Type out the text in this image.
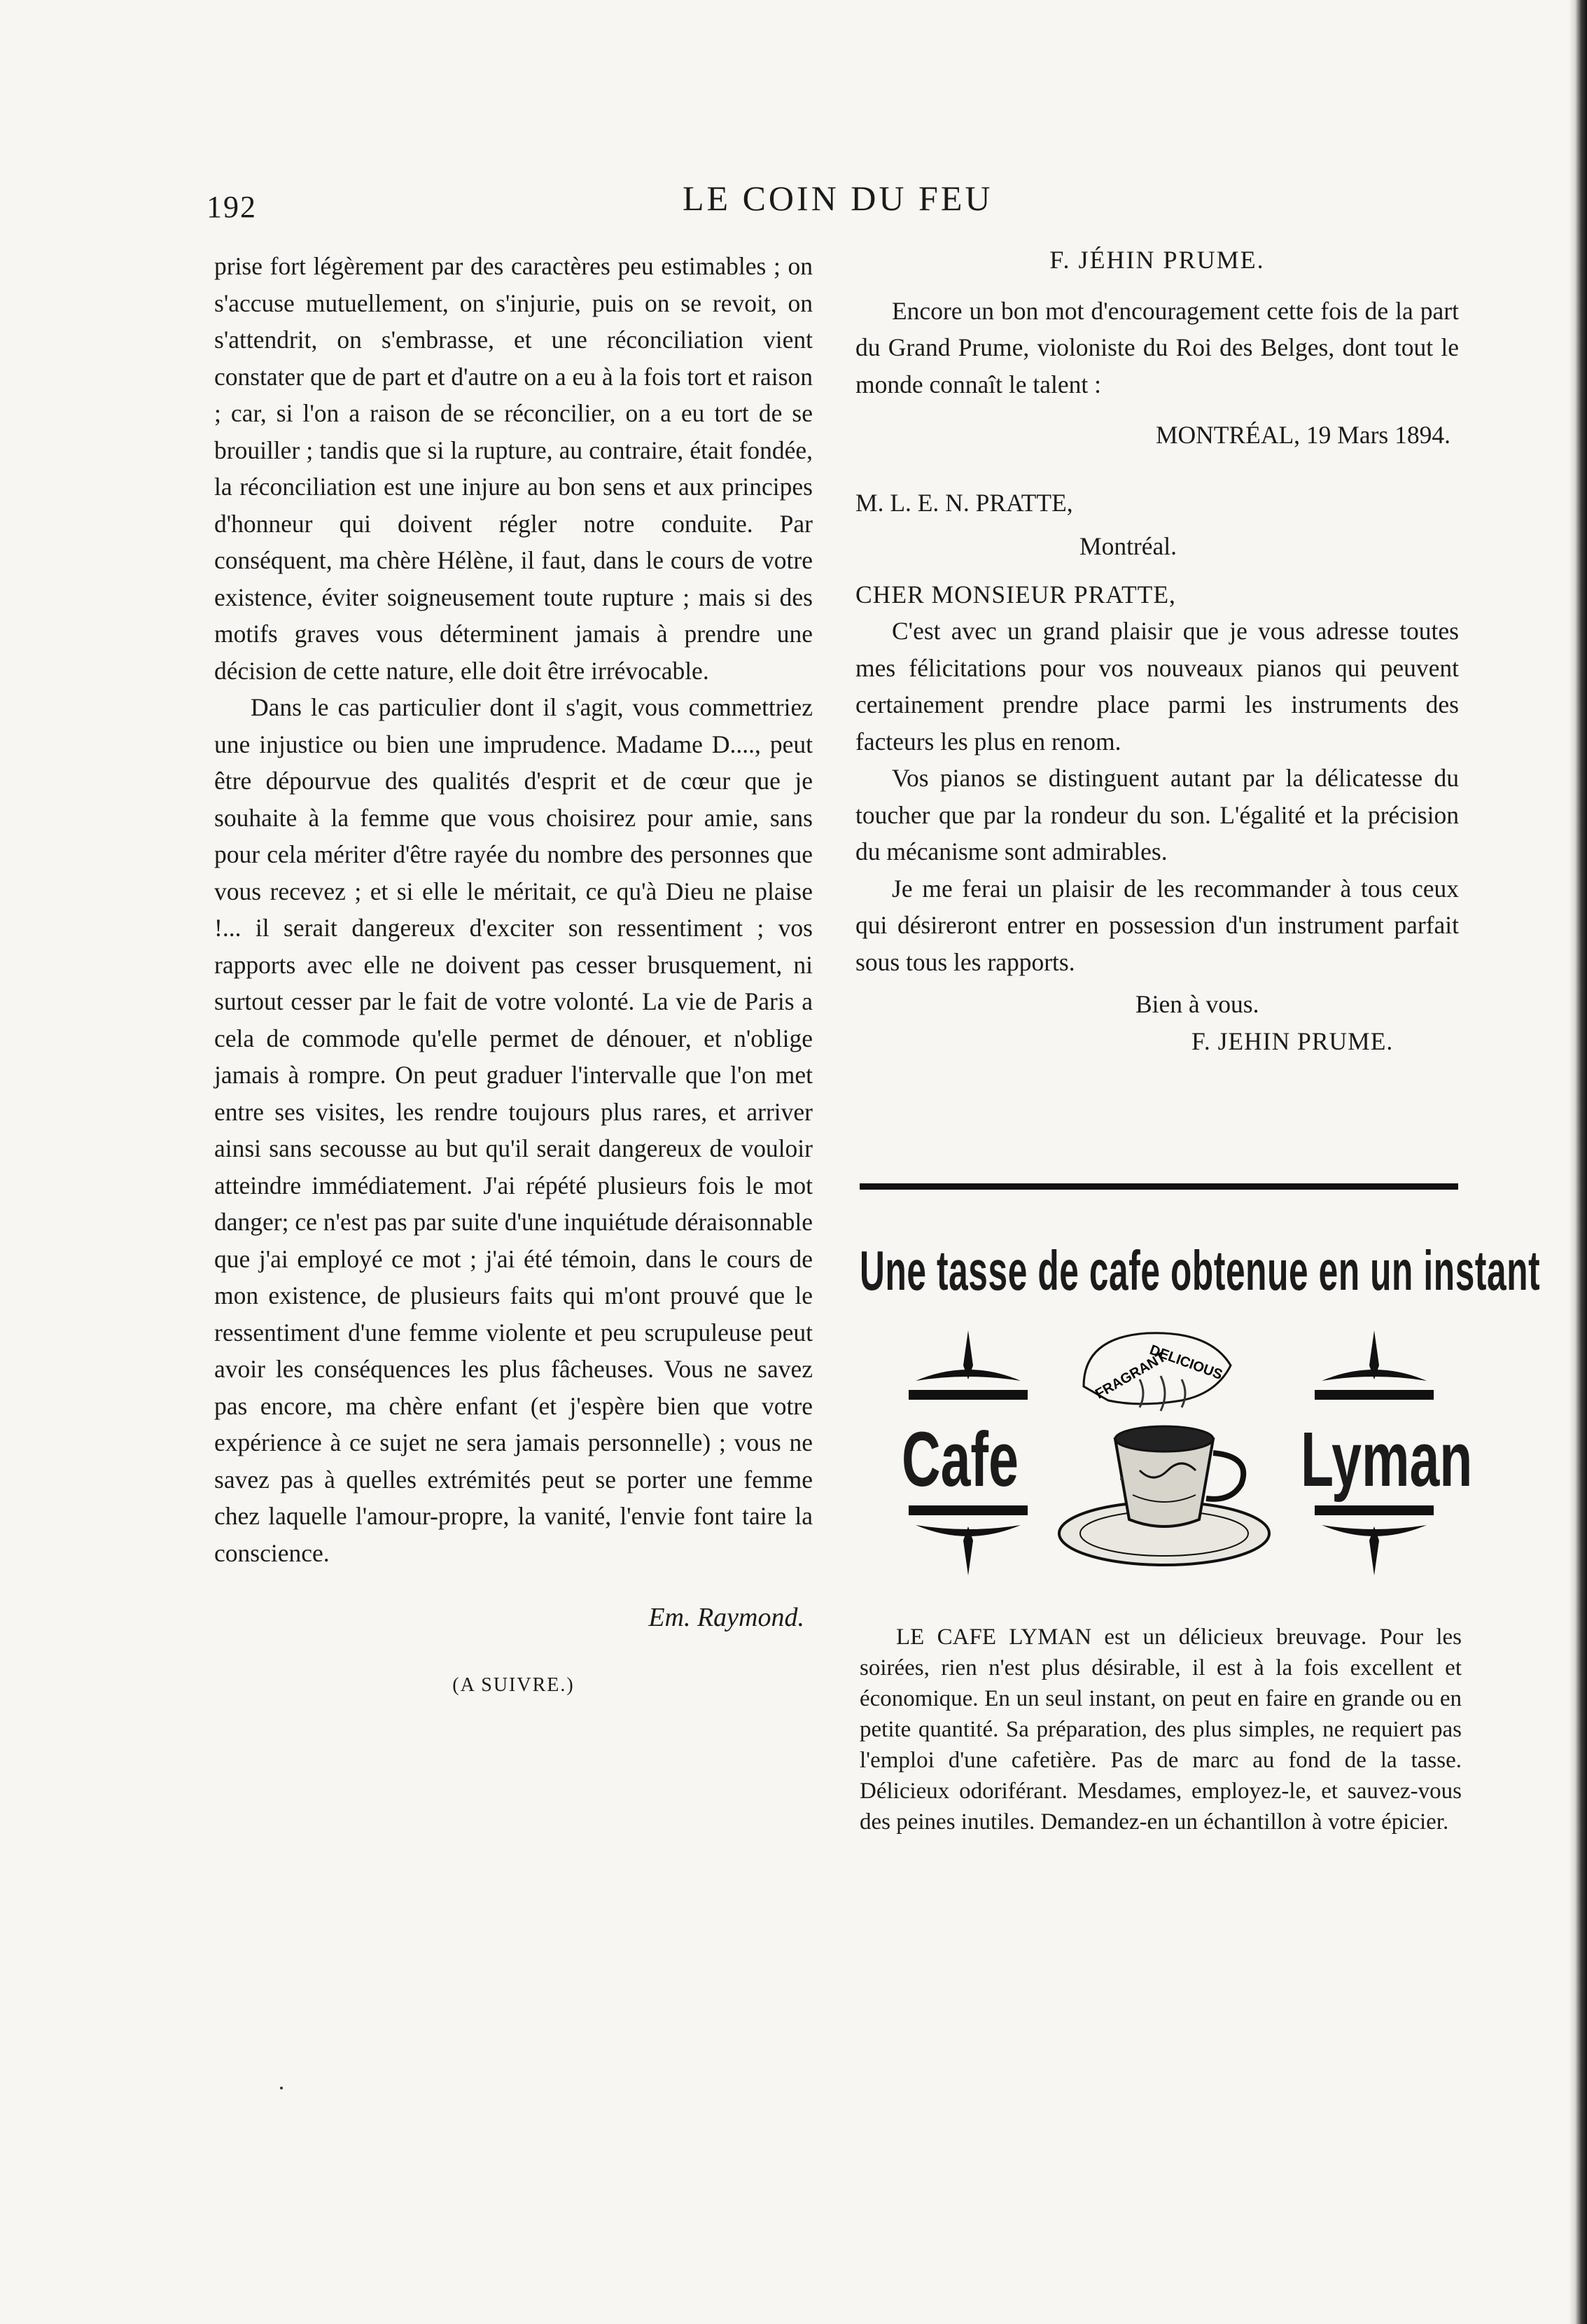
192	LE COIN DU FEU

prise fort légèrement par des caractères peu estimables ; on s'accuse mutuellement, on s'injurie, puis on se revoit, on s'attendrit, on s'embrasse, et une réconciliation vient constater que de part et d'autre on a eu à la fois tort et raison ; car, si l'on a raison de se réconcilier, on a eu tort de se brouiller ; tandis que si la rupture, au contraire, était fondée, la réconciliation est une injure au bon sens et aux principes d'honneur qui doivent régler notre conduite. Par conséquent, ma chère Hélène, il faut, dans le cours de votre existence, éviter soigneusement toute rupture ; mais si des motifs graves vous déterminent jamais à prendre une décision de cette nature, elle doit être irrévocable.

Dans le cas particulier dont il s'agit, vous commettriez une injustice ou bien une imprudence. Madame D...., peut être dépourvue des qualités d'esprit et de cœur que je souhaite à la femme que vous choisirez pour amie, sans pour cela mériter d'être rayée du nombre des personnes que vous recevez ; et si elle le méritait, ce qu'à Dieu ne plaise !... il serait dangereux d'exciter son ressentiment ; vos rapports avec elle ne doivent pas cesser brusquement, ni surtout cesser par le fait de votre volonté. La vie de Paris a cela de commode qu'elle permet de dénouer, et n'oblige jamais à rompre. On peut graduer l'intervalle que l'on met entre ses visites, les rendre toujours plus rares, et arriver ainsi sans secousse au but qu'il serait dangereux de vouloir atteindre immédiatement. J'ai répété plusieurs fois le mot danger; ce n'est pas par suite d'une inquiétude déraisonnable que j'ai employé ce mot ; j'ai été témoin, dans le cours de mon existence, de plusieurs faits qui m'ont prouvé que le ressentiment d'une femme violente et peu scrupuleuse peut avoir les conséquences les plus fâcheuses. Vous ne savez pas encore, ma chère enfant (et j'espère bien que votre expérience à ce sujet ne sera jamais personnelle) ; vous ne savez pas à quelles extrémités peut se porter une femme chez laquelle l'amour-propre, la vanité, l'envie font taire la conscience.

Em. Raymond.
(A SUIVRE.)
F. JÉHIN PRUME.

Encore un bon mot d'encouragement cette fois de la part du Grand Prume, violoniste du Roi des Belges, dont tout le monde connaît le talent :

MONTRÉAL, 19 Mars 1894.
M. L. E. N. PRATTE,
Montréal.
CHER MONSIEUR PRATTE,

C'est avec un grand plaisir que je vous adresse toutes mes félicitations pour vos nouveaux pianos qui peuvent certainement prendre place parmi les instruments des facteurs les plus en renom.

Vos pianos se distinguent autant par la délicatesse du toucher que par la rondeur du son. L'égalité et la précision du mécanisme sont admirables.

Je me ferai un plaisir de les recommander à tous ceux qui désireront entrer en possession d'un instrument parfait sous tous les rapports.

Bien à vous.
F. JEHIN PRUME.
Une tasse de cafe obtenue en un instant
Cafe	Lyman
FRAGRANT
DELICIOUS

LE CAFE LYMAN est un délicieux breuvage. Pour les soirées, rien n'est plus désirable, il est à la fois excellent et économique. En un seul instant, on peut en faire en grande ou en petite quantité. Sa préparation, des plus simples, ne requiert pas l'emploi d'une cafetière. Pas de marc au fond de la tasse. Délicieux odoriférant. Mesdames, employez-le, et sauvez-vous des peines inutiles. Demandez-en un échantillon à votre épicier.
